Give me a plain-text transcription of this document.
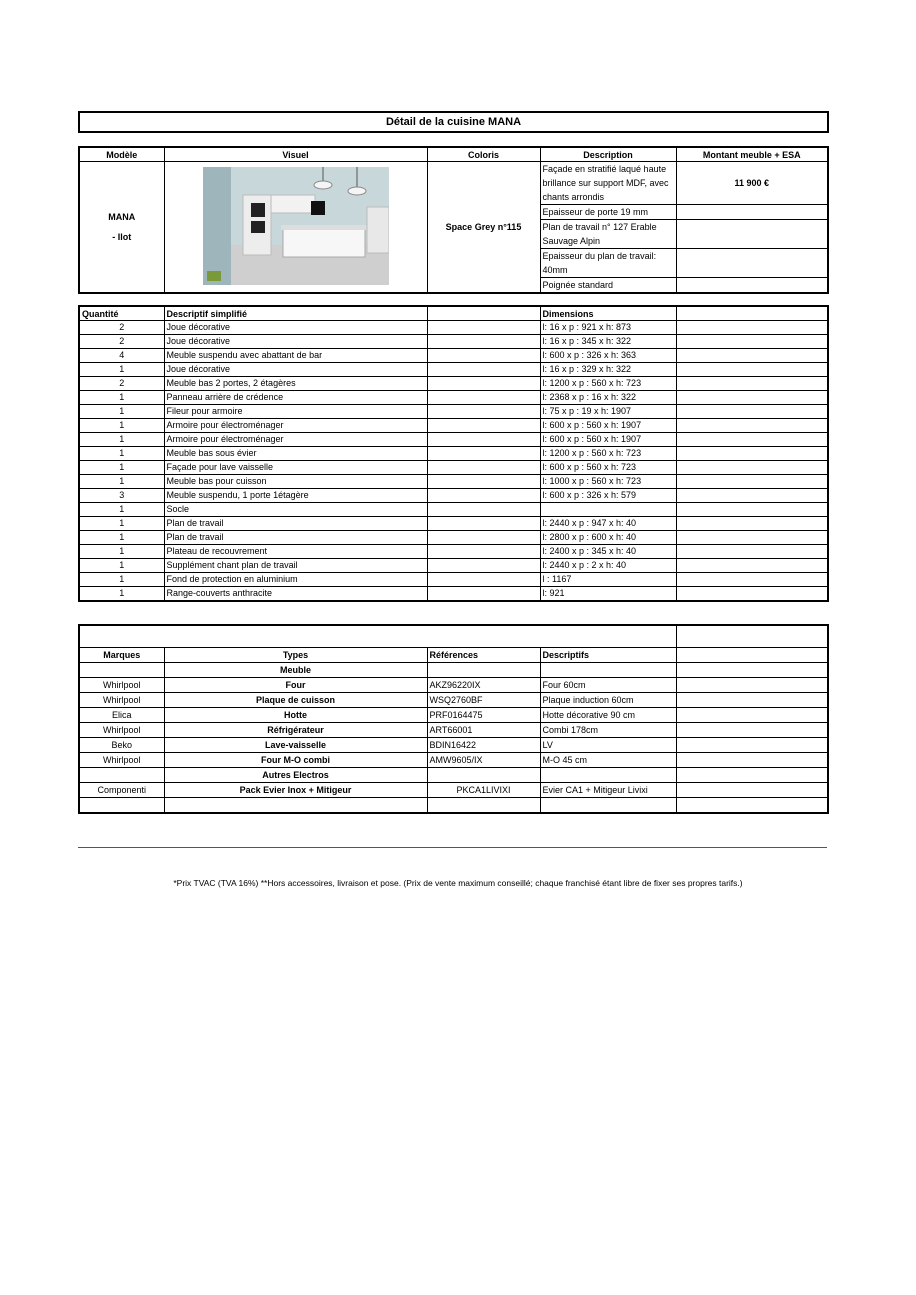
Détail de la cuisine MANA
Modèle	Visuel	Coloris	Description	Montant meuble + ESA

MANA
- Ilot		Space Grey n°115	Façade en stratifié laqué haute brillance sur support MDF, avec chants arrondis	11 900 €
			Epaisseur de porte 19 mm	
			Plan de travail n° 127 Erable Sauvage Alpin	
			Epaisseur du plan de travail: 40mm	
			Poignée standard	
Quantité	Descriptif simplifié		Dimensions	
2	Joue décorative		l: 16 x p : 921 x h: 873	
2	Joue décorative		l: 16 x p : 345 x h: 322	
4	Meuble suspendu avec abattant de bar		l: 600 x p : 326 x h: 363	
1	Joue décorative		l: 16 x p : 329 x h: 322	
2	Meuble bas 2 portes, 2 étagères		l: 1200 x p : 560 x h: 723	
1	Panneau arrière de crédence		l: 2368 x p : 16 x h: 322	
1	Fileur pour armoire		l: 75 x p : 19 x h: 1907	
1	Armoire pour électroménager		l: 600 x p : 560 x h: 1907	
1	Armoire pour électroménager		l: 600 x p : 560 x h: 1907	
1	Meuble bas sous évier		l: 1200 x p : 560 x h: 723	
1	Façade pour lave vaisselle		l: 600 x p : 560 x h: 723	
1	Meuble bas pour cuisson		l: 1000 x p : 560 x h: 723	
3	Meuble suspendu, 1 porte 1étagère		l: 600 x p : 326 x h: 579	
1	Socle			
1	Plan de travail		l: 2440 x p : 947 x h: 40	
1	Plan de travail		l: 2800 x p : 600 x h: 40	
1	Plateau de recouvrement		l: 2400 x p : 345 x h: 40	
1	Supplément chant plan de travail		l: 2440 x p : 2 x h: 40	
1	Fond de protection en aluminium		l : 1167	
1	Range-couverts anthracite		l: 921	

Marques	Types	Références	Descriptifs	
	Meuble			
Whirlpool	Four	AKZ96220IX	Four 60cm	
Whirlpool	Plaque de cuisson	WSQ2760BF	Plaque induction 60cm	
Elica	Hotte	PRF0164475	Hotte décorative 90 cm	
Whirlpool	Réfrigérateur	ART66001	Combi 178cm	
Beko	Lave-vaisselle	BDIN16422	LV	
Whirlpool	Four M-O combi	AMW9605/IX	M-O 45 cm	
	Autres Electros			
Componenti	Pack Evier Inox + Mitigeur	PKCA1LIVIXI	Evier CA1 + Mitigeur Livixi	

*Prix TVAC (TVA 16%) **Hors accessoires, livraison et pose. (Prix de vente maximum conseillé; chaque franchisé étant libre de fixer ses propres tarifs.)
